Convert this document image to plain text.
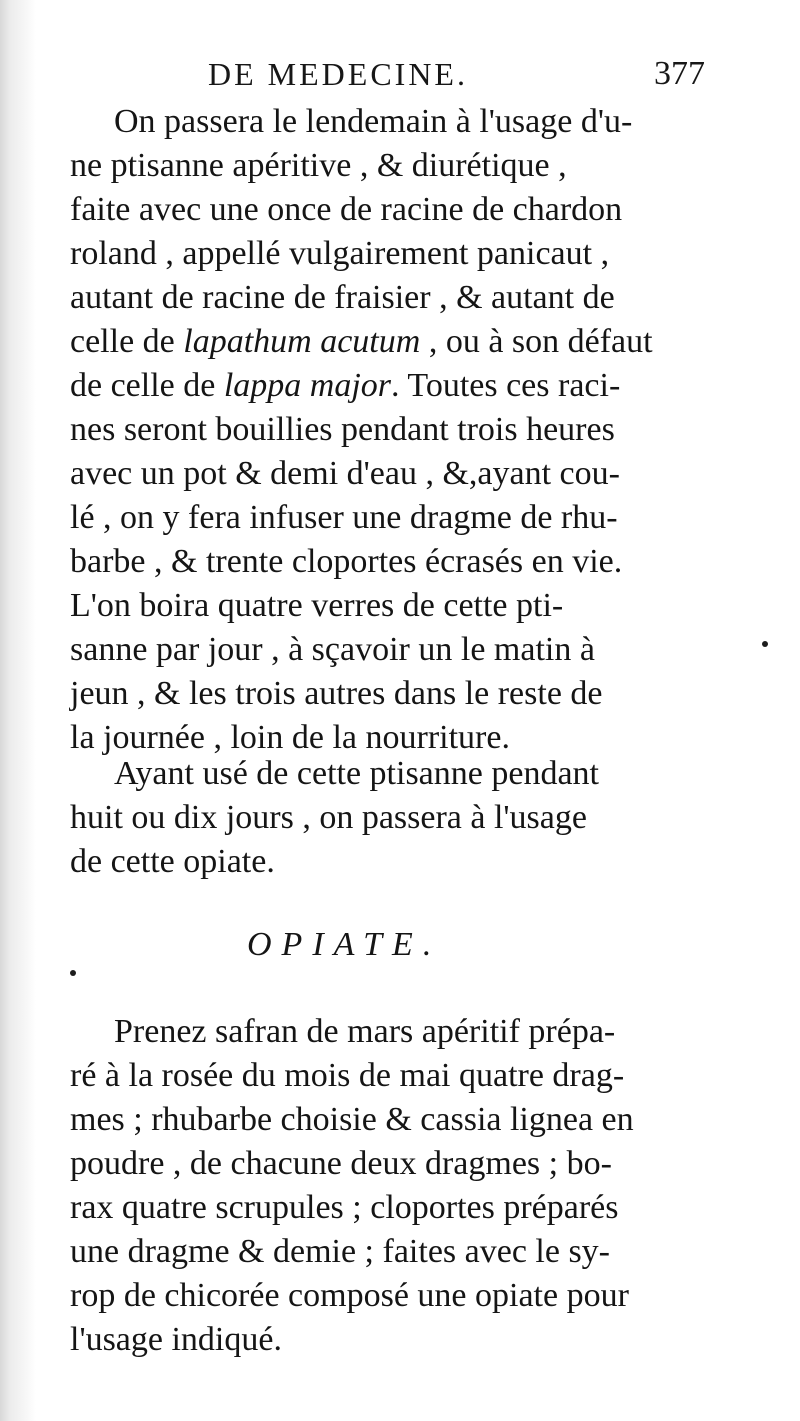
DE MEDECINE.	377
On passera le lendemain à l'usage d'u-
ne ptisanne apéritive , & diurétique ,
faite avec une once de racine de chardon
roland , appellé vulgairement panicaut ,
autant de racine de fraisier , & autant de
celle de lapathum acutum , ou à son défaut
de celle de lappa major. Toutes ces raci-
nes seront bouillies pendant trois heures
avec un pot & demi d'eau , &,ayant cou-
lé , on y fera infuser une dragme de rhu-
barbe , & trente cloportes écrasés en vie.
L'on boira quatre verres de cette pti-
sanne par jour , à sçavoir un le matin à
jeun , & les trois autres dans le reste de
la journée , loin de la nourriture.
Ayant usé de cette ptisanne pendant
huit ou dix jours , on passera à l'usage
de cette opiate.
OPIATE.
Prenez safran de mars apéritif prépa-
ré à la rosée du mois de mai quatre drag-
mes ; rhubarbe choisie & cassia lignea en
poudre , de chacune deux dragmes ; bo-
rax quatre scrupules ; cloportes préparés
une dragme & demie ; faites avec le sy-
rop de chicorée composé une opiate pour
l'usage indiqué.
